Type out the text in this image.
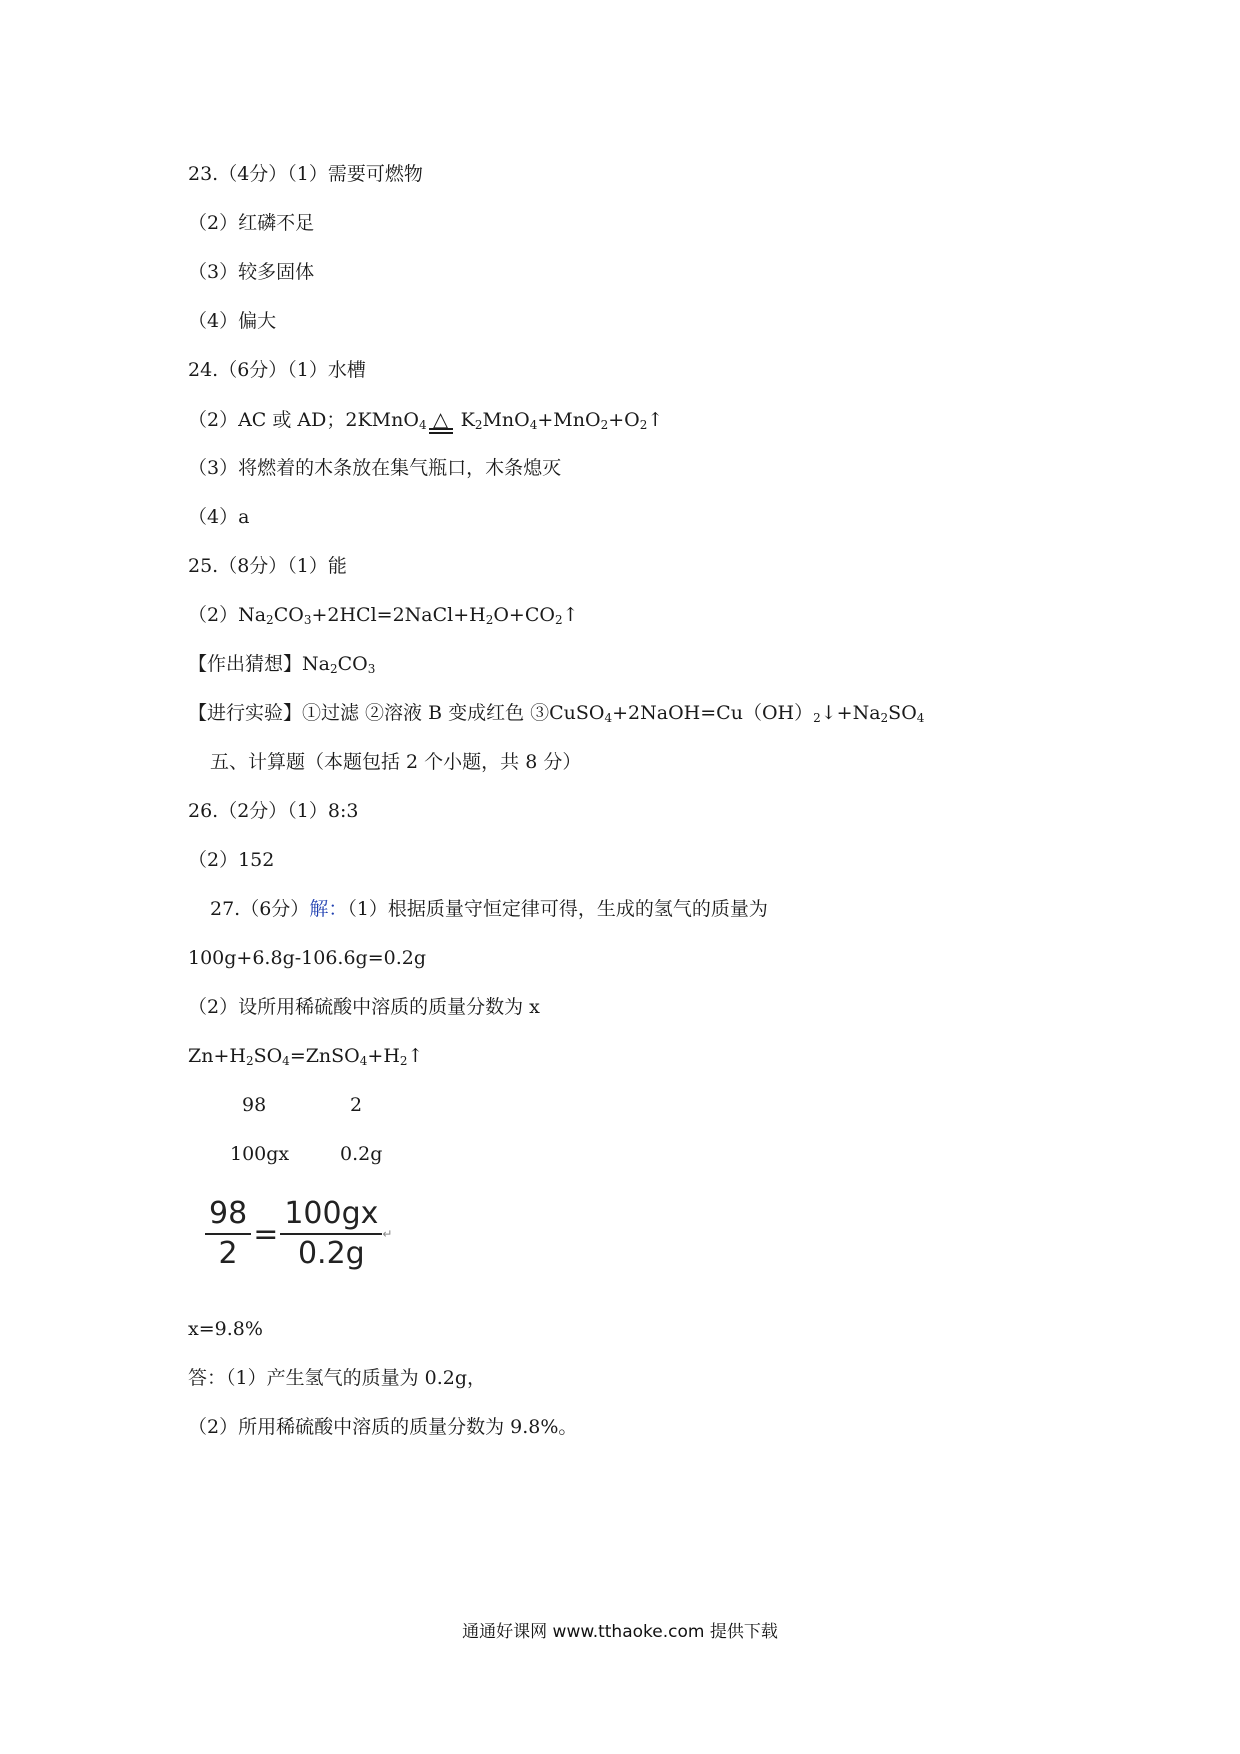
23.（4分）（1）需要可燃物
（2）红磷不足
（3）较多固体
（4）偏大
24.（6分）（1）水槽
（2）AC 或 AD；2KMnO$_4$ △
$K_2MnO_4+MnO_2+O_2↑$
（3）将燃着的木条放在集气瓶口，木条熄灭
（4）a
25.（8分）（1）能
$(2)Na_2CO_3+2HCl=2NaCl+H_2O+CO_2↑$
【作出猜想】$Na_2CO_3$
【进行实验】①过滤 ②溶液 B 变成红色 $③CuSO_4+2NaOH=Cu(OH)_2↓+Na_2SO_4$
五、计算题（本题包括 2 个小题，共 8 分）
26.（2分）（1）8:3
（2）152
27.（6分）解：（1）根据质量守恒定律可得，生成的氢气的质量为
100g+6.8g-106.6g=0.2g
（2）设所用稀硫酸中溶质的质量分数为 x
$Zn+H_2SO_4=ZnSO_4+H_2↑$
98	2
100gx	0.2g
$\frac{98}{2} = \frac{100gx}{0.2g}$ ↵
x=9.8%
答：（1）产生氢气的质量为 0.2g，
（2）所用稀硫酸中溶质的质量分数为 9.8%。
通通好课网 www.tthaoke.com 提供下载
